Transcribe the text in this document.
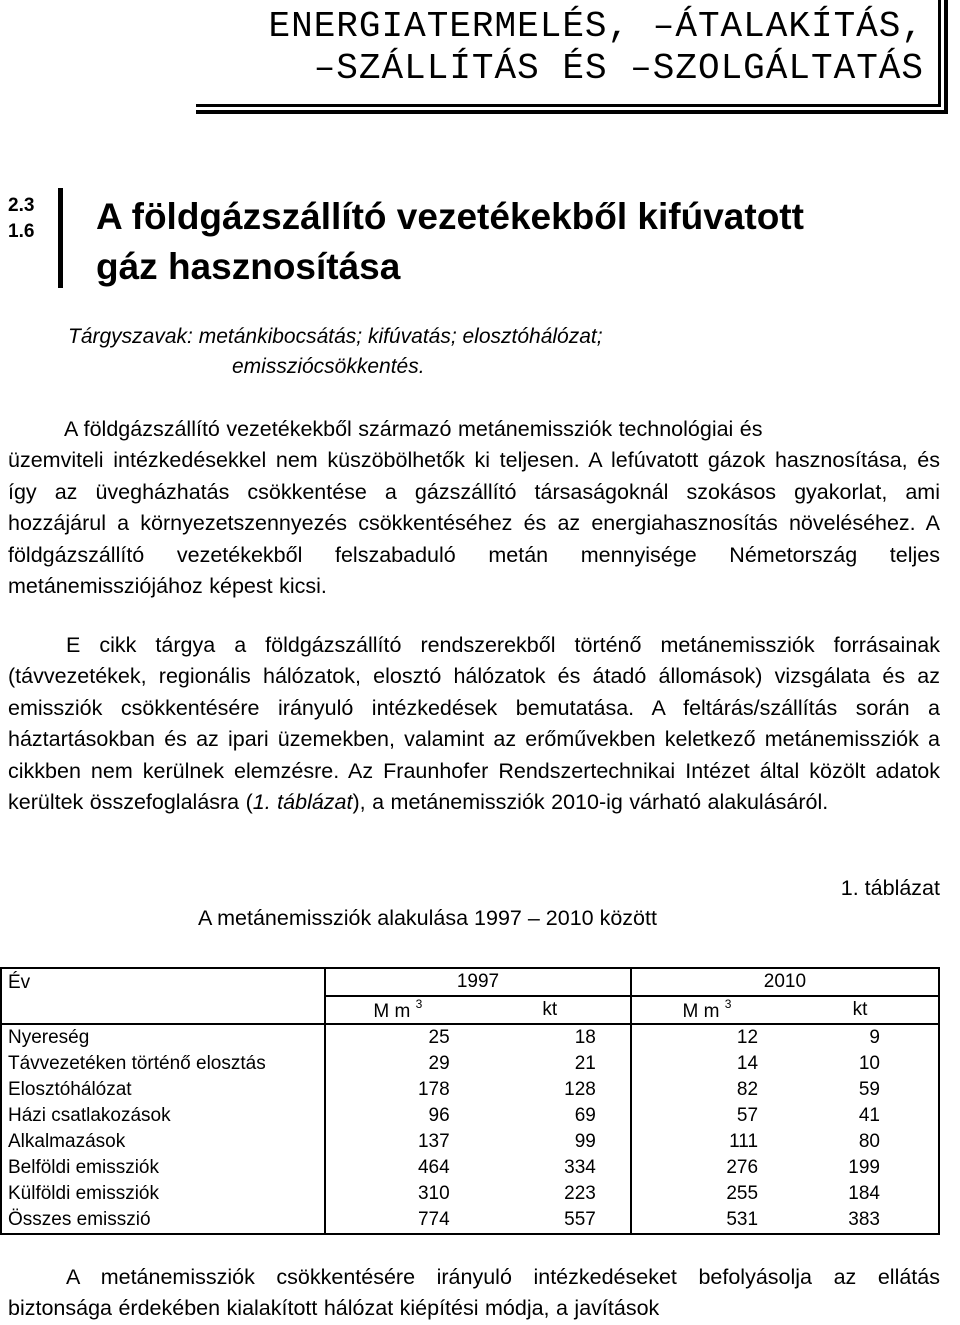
ENERGIATERMELÉS, –ÁTALAKÍTÁS,
–SZÁLLÍTÁS ÉS –SZOLGÁLTATÁS
2.3
1.6 A földgázszállító vezetékekből kifúvatott
gáz hasznosítása
Tárgyszavak: metánkibocsátás; kifúvatás; elosztóhálózat;
emissziócsökkentés.
A földgázszállító vezetékekből származó metánemissziók technológiai és
üzemviteli intézkedésekkel nem küszöbölhetők ki teljesen. A lefúvatott gázok hasznosítása, és így az üvegházhatás csökkentése a gázszállító társaságoknál szokásos gyakorlat, ami hozzájárul a környezetszennyezés csökkentéséhez és az energiahasznosítás növeléséhez. A földgázszállító vezetékekből felszabaduló metán mennyisége Németország teljes metánemissziójához képest kicsi.
E cikk tárgya a földgázszállító rendszerekből történő metánemissziók forrásainak (távvezetékek, regionális hálózatok, elosztó hálózatok és átadó állomások) vizsgálata és az emissziók csökkentésére irányuló intézkedések bemutatása. A feltárás/szállítás során a háztartásokban és az ipari üzemekben, valamint az erőművekben keletkező metánemissziók a cikkben nem kerülnek elemzésre. Az Fraunhofer Rendszertechnikai Intézet által közölt adatok kerültek összefoglalásra (1. táblázat), a metánemissziók 2010-ig várható alakulásáról.
1. táblázat
A metánemissziók alakulása 1997 – 2010 között
Év	1997		2010	
	M m $^3$	kt	M m $^3$	kt
Nyereség	25	18	12	9
Távvezetéken történő elosztás	29	21	14	10
Elosztóhálózat	178	128	82	59
Házi csatlakozások	96	69	57	41
Alkalmazások	137	99	111	80
Belföldi emissziók	464	334	276	199
Külföldi emissziók	310	223	255	184
Összes emisszió	774	557	531	383
A metánemissziók csökkentésére irányuló intézkedéseket befolyásolja az ellátás biztonsága érdekében kialakított hálózat kiépítési módja, a javítások
